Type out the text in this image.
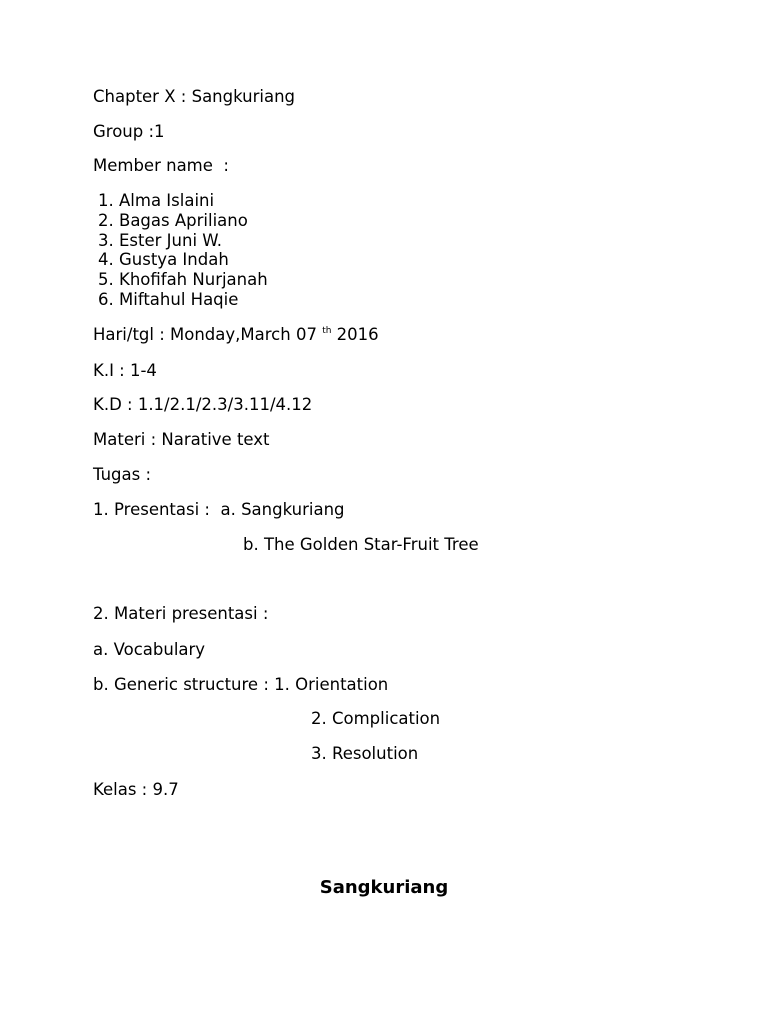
Chapter X : Sangkuriang
Group :1
Member name  :
1. Alma Islaini
2. Bagas Apriliano
3. Ester Juni W.
4. Gustya Indah
5. Khofifah Nurjanah
6. Miftahul Haqie
Hari/tgl : Monday,March 07 $^{th}$ 2016
K.I : 1-4
K.D : 1.1/2.1/2.3/3.11/4.12
Materi : Narative text
Tugas :
1. Presentasi :  a. Sangkuriang
b. The Golden Star-Fruit Tree
2. Materi presentasi :
a. Vocabulary
b. Generic structure : 1. Orientation
2. Complication
3. Resolution
Kelas : 9.7
Sangkuriang
